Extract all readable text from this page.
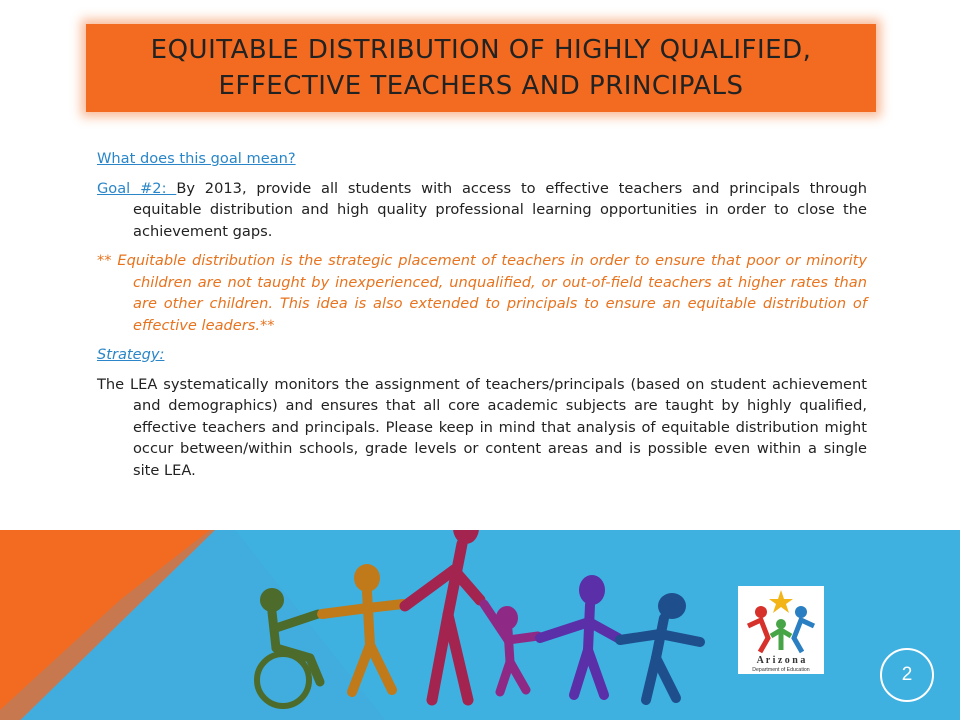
EQUITABLE DISTRIBUTION OF HIGHLY QUALIFIED,
EFFECTIVE TEACHERS AND PRINCIPALS

What does this goal mean?

Goal #2: By 2013, provide all students with access to effective teachers and principals through equitable distribution and high quality professional learning opportunities in order to close the achievement gaps.

** Equitable distribution is the strategic placement of teachers in order to ensure that poor or minority children are not taught by inexperienced, unqualified, or out-of-field teachers at higher rates than are other children. This idea is also extended to principals to ensure an equitable distribution of effective leaders.**

Strategy:

The LEA systematically monitors the assignment of teachers/principals (based on student achievement and demographics) and ensures that all core academic subjects are taught by highly qualified, effective teachers and principals. Please keep in mind that analysis of equitable distribution might occur between/within schools, grade levels or content areas and is possible even within a single site LEA.

A r i z o n a
Department of Education	2
